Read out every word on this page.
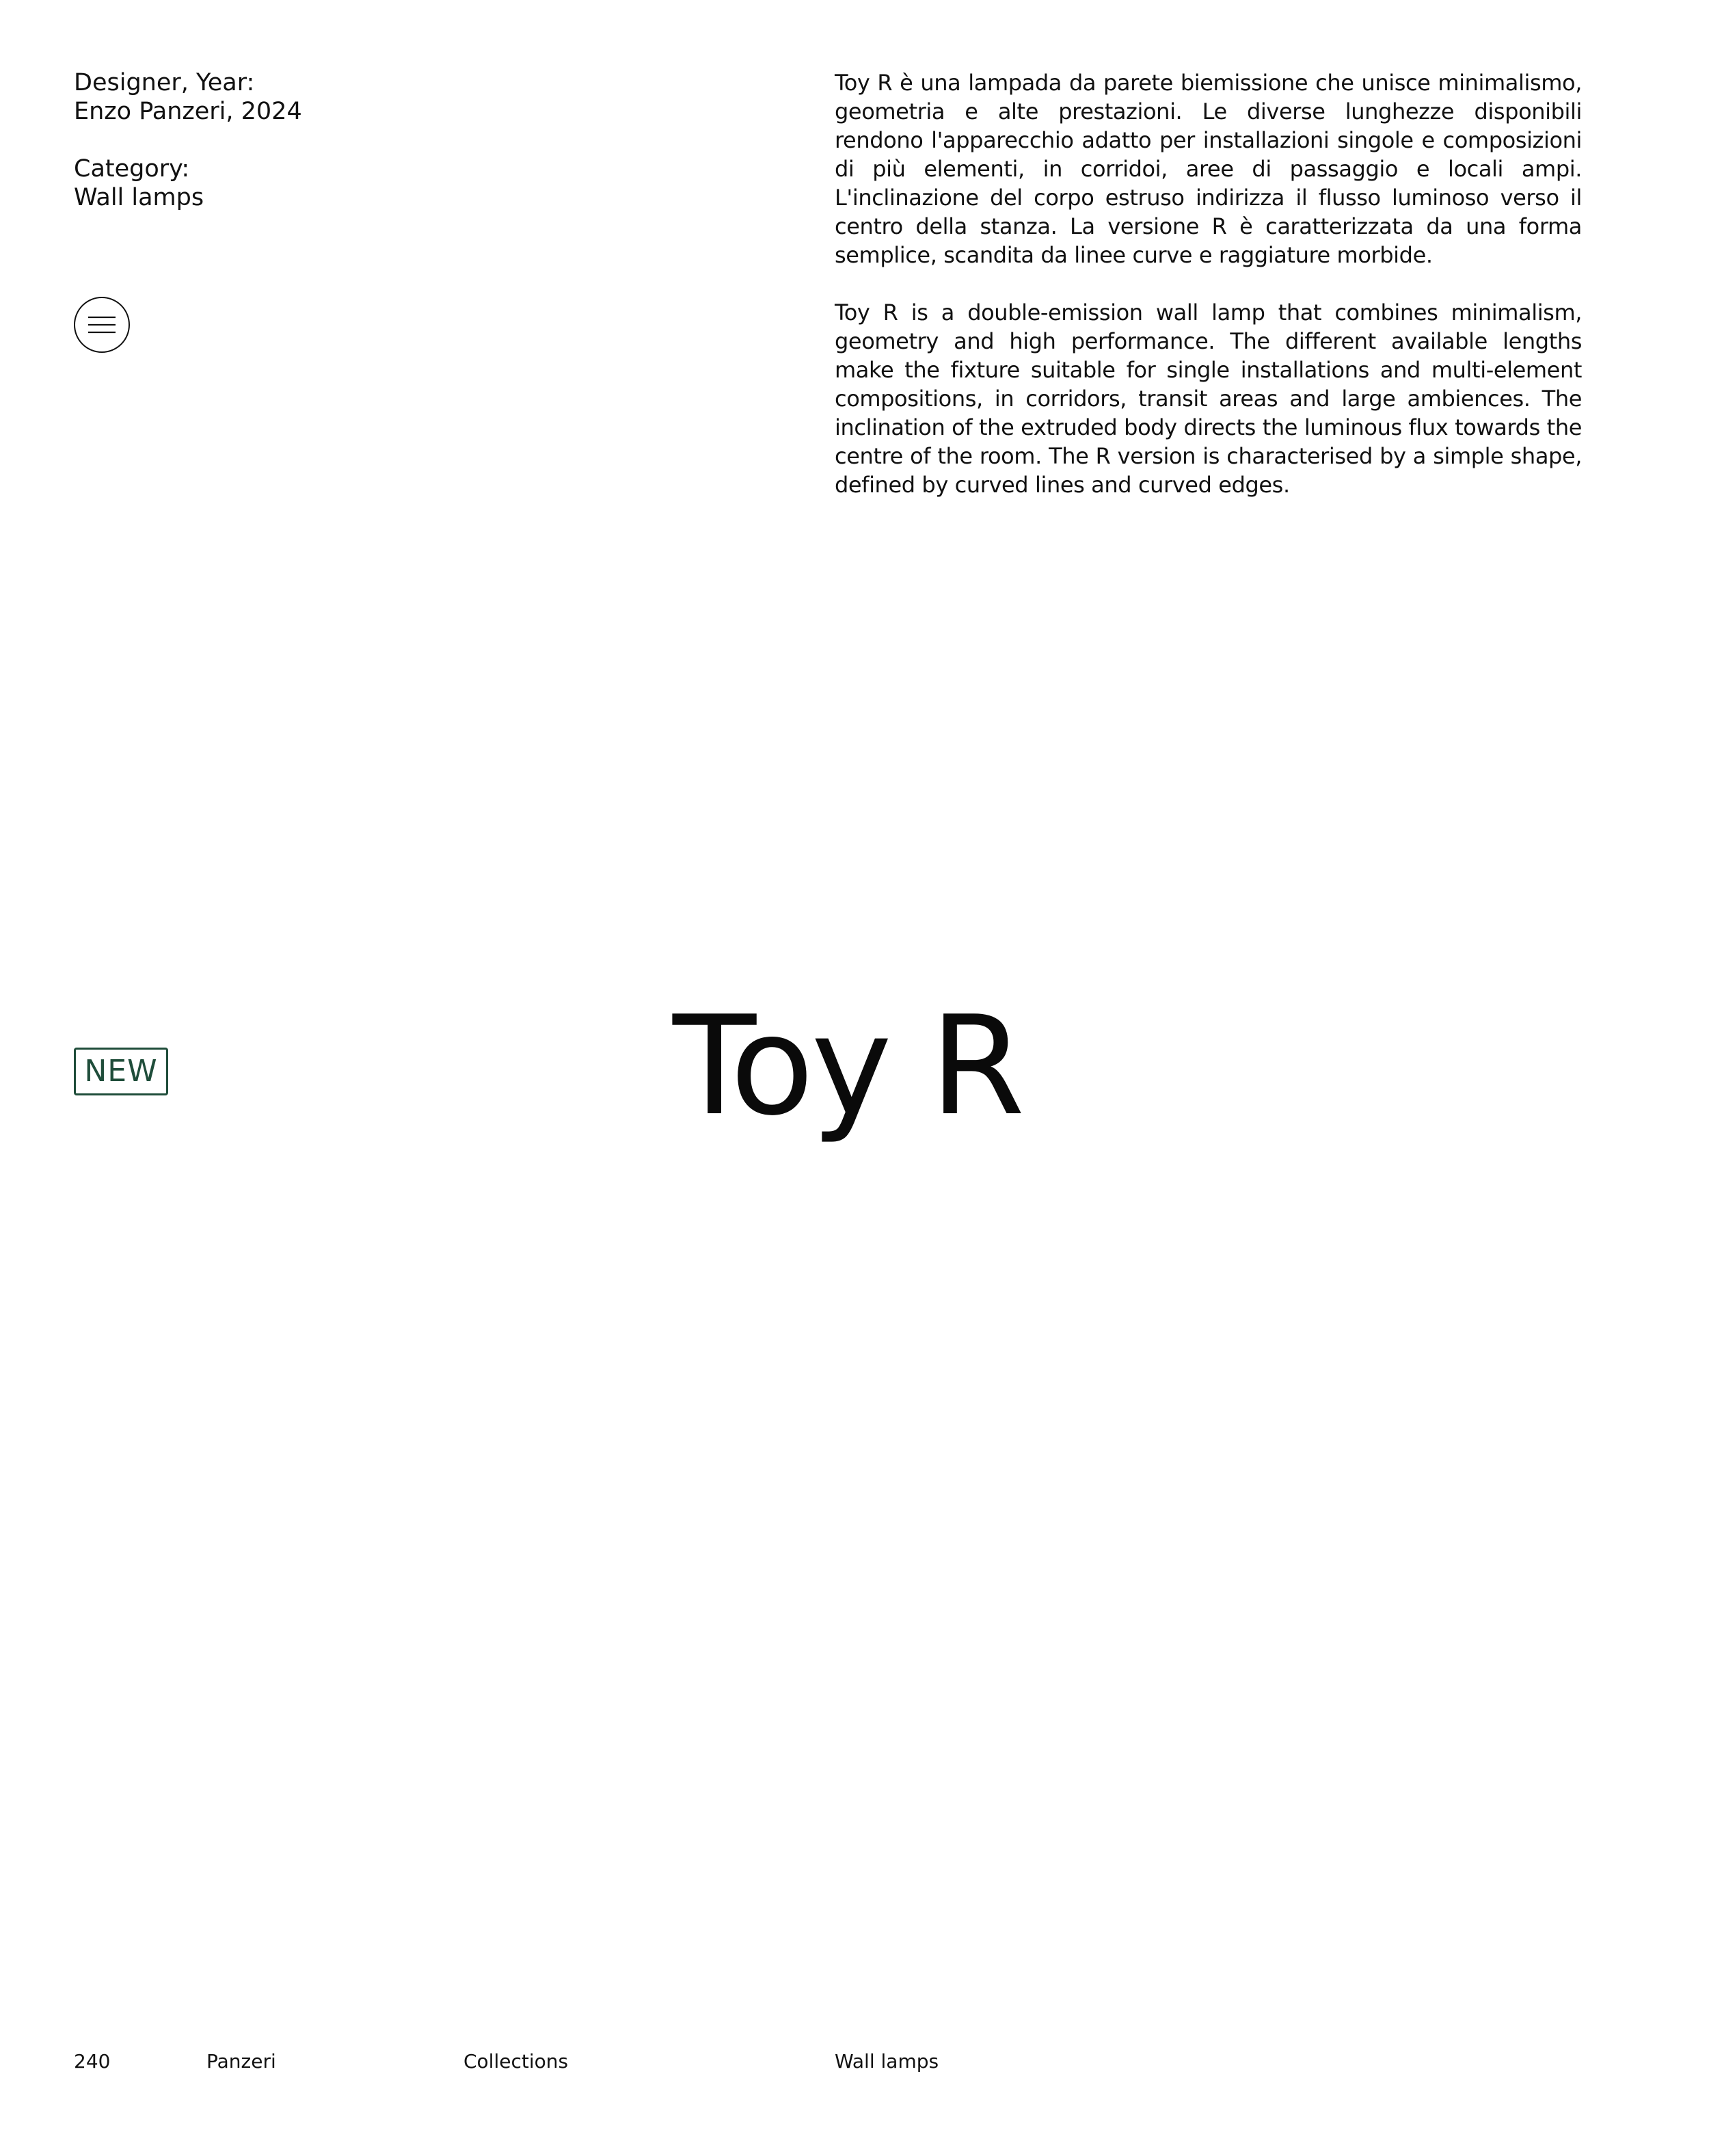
Designer, Year:
Enzo Panzeri, 2024
Category:
Wall lamps

Toy R è una lampada da parete biemissione che unisce minimalismo, geometria e alte prestazioni. Le diverse lunghezze disponibili rendono l'apparecchio adatto per installazioni singole e composizioni di più elementi, in corridoi, aree di passaggio e locali ampi. L'inclinazione del corpo estruso indirizza il flusso luminoso verso il centro della stanza. La versione R è caratterizzata da una forma semplice, scandita da linee curve e raggiature morbide.

Toy R is a double-emission wall lamp that combines minimalism, geometry and high performance. The different available lengths make the fixture suitable for single installations and multi-element compositions, in corridors, transit areas and large ambiences. The inclination of the extruded body directs the luminous flux towards the centre of the room. The R version is characterised by a simple shape, defined by curved lines and curved edges.

NEW	Toy R
240	Panzeri	Collections	Wall lamps
